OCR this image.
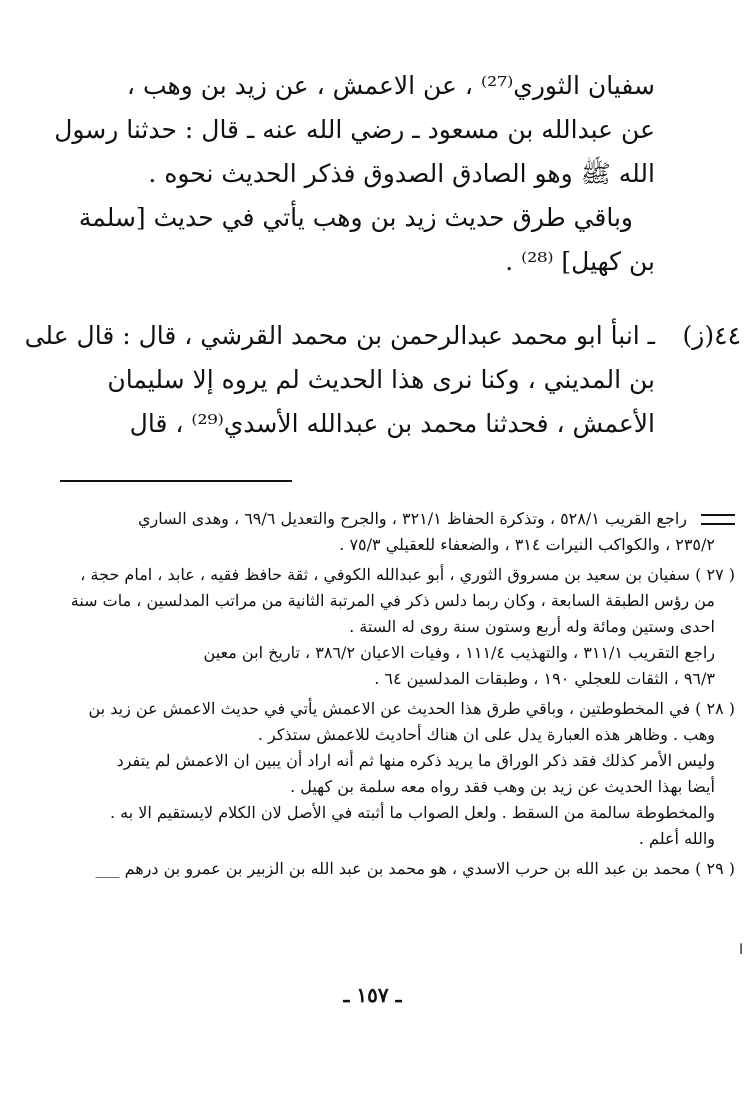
سفيان الثوري⁽²⁷⁾ ، عن الاعمش ، عن زيد بن وهب ،
عن عبدالله بن مسعود ـ رضي الله عنه ـ قال : حدثنا رسول
الله ﷺ وهو الصادق الصدوق فذكر الحديث نحوه .
وباقي طرق حديث زيد بن وهب يأتي في حديث [سلمة
بن كهيل] ⁽²⁸⁾ .
٤٤(ز)
ـ انبأ ابو محمد عبدالرحمن بن محمد القرشي ، قال : قال على
بن المديني ، وكنا نرى هذا الحديث لم يروه إلا سليمان
الأعمش ، فحدثنا محمد بن عبدالله الأسدي⁽²⁹⁾ ، قال
راجع القريب ٥٢٨/١ ، وتذكرة الحفاظ ٣٢١/١ ، والجرح والتعديل ٦٩/٦ ، وهدى الساري
٢٣٥/٢ ، والكواكب النيرات ٣١٤ ، والضعفاء للعقيلي ٧٥/٣ .
( ٢٧ ) سفيان بن سعيد بن مسروق الثوري ، أبو عبدالله الكوفي ، ثقة حافظ فقيه ، عابد ، امام حجة ،
من رؤس الطبقة السابعة ، وكان ربما دلس ذكر في المرتبة الثانية من مراتب المدلسين ، مات سنة
احدى وستين ومائة وله أربع وستون سنة روى له الستة .
راجع التقريب ٣١١/١ ، والتهذيب ١١١/٤ ، وفيات الاعيان ٣٨٦/٢ ، تاريخ ابن معين
٩٦/٣ ، الثقات للعجلي ١٩٠ ، وطبقات المدلسين ٦٤ .
( ٢٨ ) في المخطوطتين ، وباقي طرق هذا الحديث عن الاعمش يأتي في حديث الاعمش عن زيد بن
وهب . وظاهر هذه العبارة يدل على ان هناك أحاديث للاعمش ستذكر .
وليس الأمر كذلك فقد ذكر الوراق ما يريد ذكره منها ثم أنه اراد أن يبين ان الاعمش لم يتفرد
أيضا بهذا الحديث عن زيد بن وهب فقد رواه معه سلمة بن كهيل .
والمخطوطة سالمة من السقط . ولعل الصواب ما أثبته في الأصل لان الكلام لايستقيم الا به .
والله أعلم .
( ٢٩ ) محمد بن عبد الله بن حرب الاسدي ، هو محمد بن عبد الله بن الزبير بن عمرو بن درهم ___
ا
ـ ١٥٧ ـ
